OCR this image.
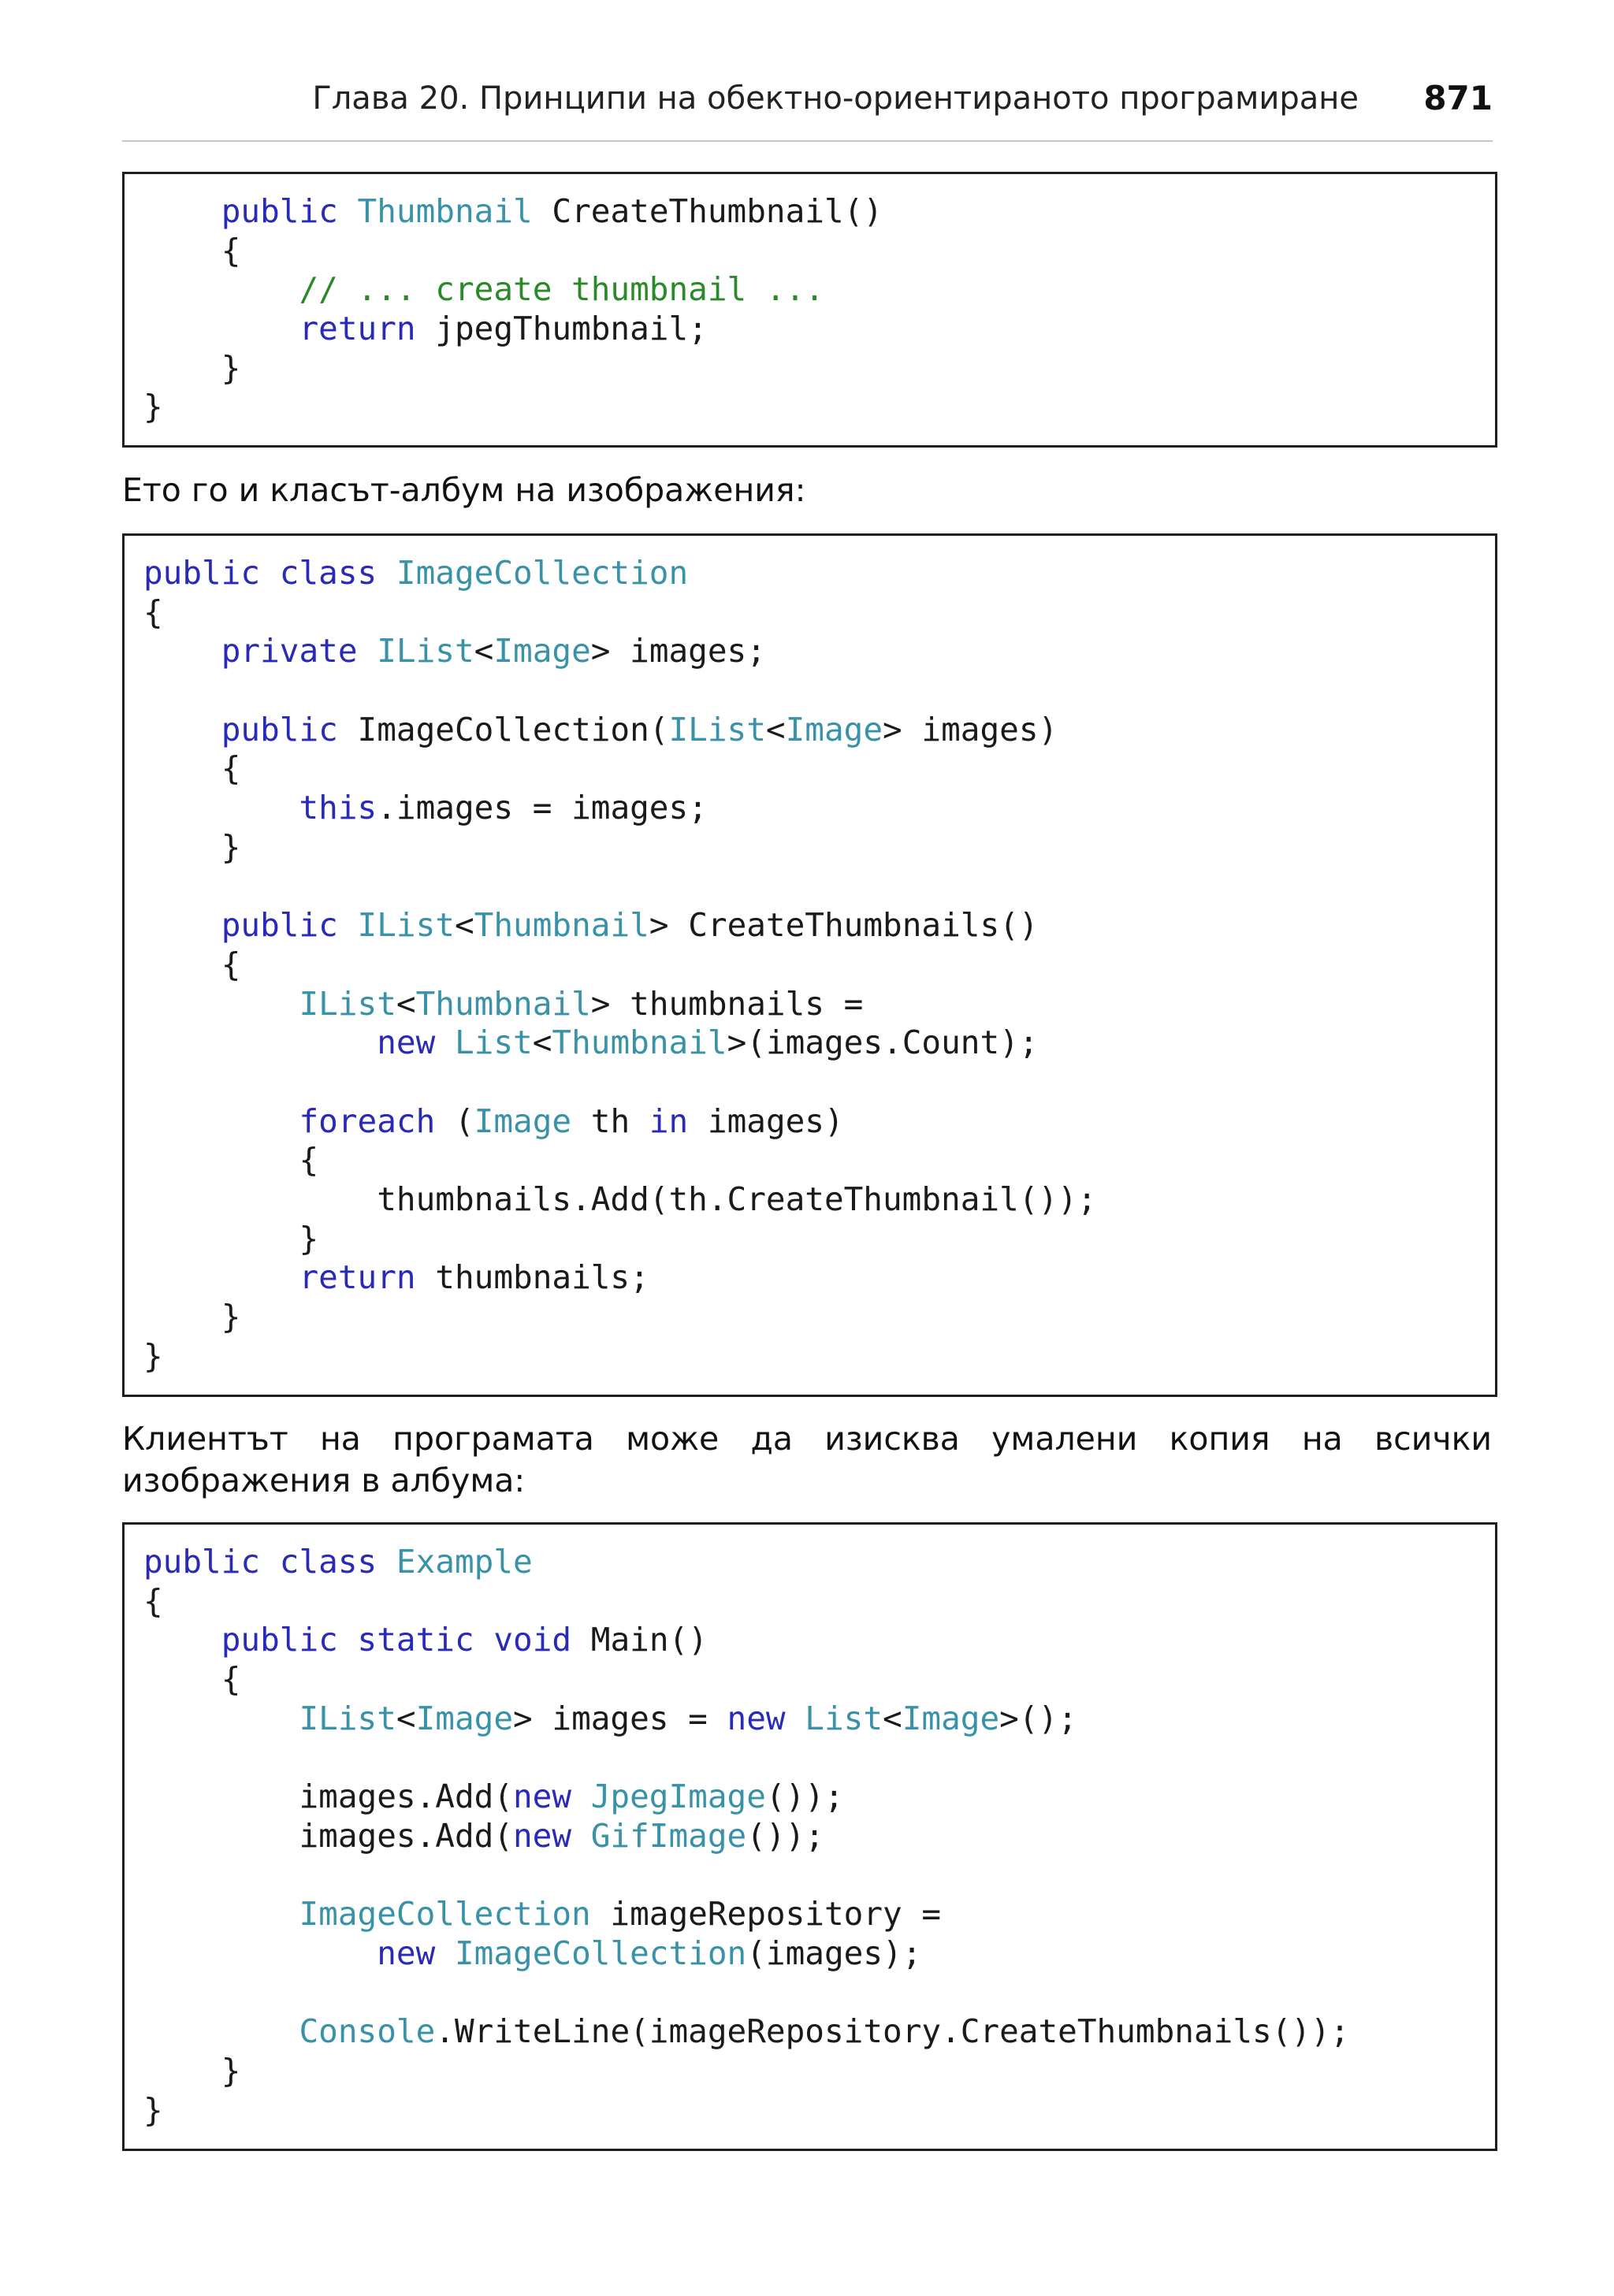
Глава 20. Принципи на обектно-ориентираното програмиране 871
public Thumbnail CreateThumbnail()
{
// ... create thumbnail ...
return jpegThumbnail;
}
}
Ето го и класът-албум на изображения:
public class ImageCollection
{
private IList<Image> images;
public ImageCollection(IList<Image> images)
{
this.images = images;
}
public IList<Thumbnail> CreateThumbnails()
{
IList<Thumbnail> thumbnails =
new List<Thumbnail>(images.Count);
foreach (Image th in images)
{
thumbnails.Add(th.CreateThumbnail());
}
return thumbnails;
}
}
Клиентът на програмата може да изисква умалени копия на всички
изображения в албума:
public class Example
{
public static void Main()
{
IList<Image> images = new List<Image>();
images.Add(new JpegImage());
images.Add(new GifImage());
ImageCollection imageRepository =
new ImageCollection(images);
Console.WriteLine(imageRepository.CreateThumbnails());
}
}
